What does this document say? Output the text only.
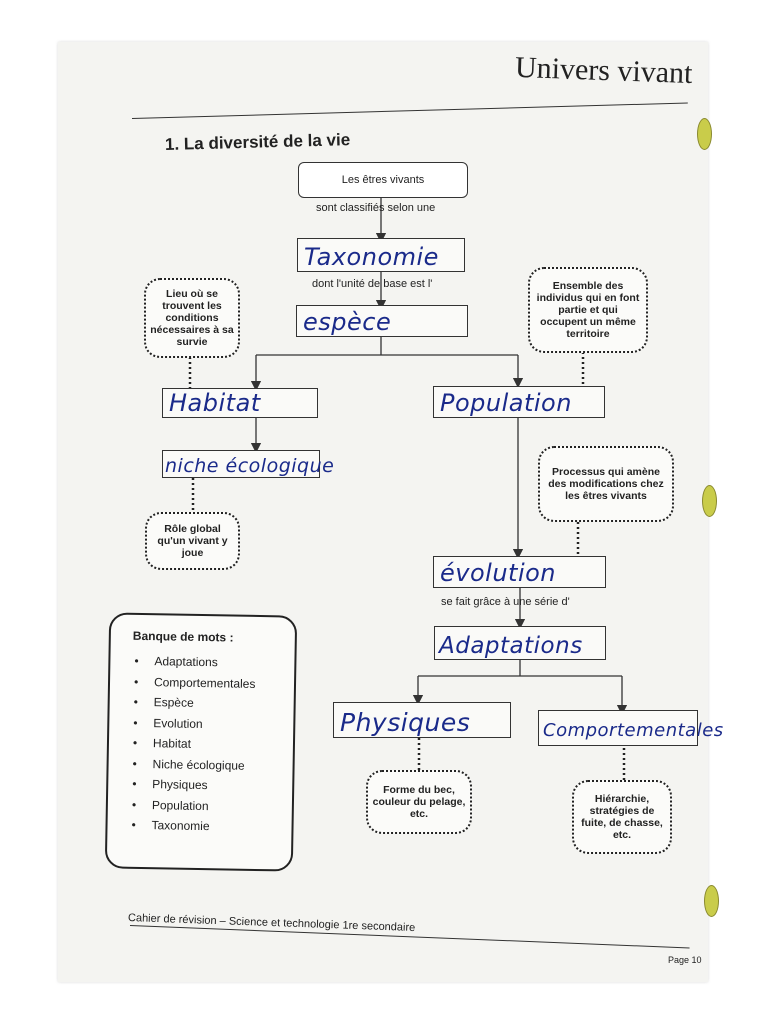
Univers vivant
1. La diversité de la vie
Les êtres vivants
sont classifiés selon une
Taxonomie
dont l'unité de base est l'
espèce
Lieu où se trouvent les conditions nécessaires à sa survie
Ensemble des individus qui en font partie et qui occupent un même territoire
Habitat	Population
niche écologique
Rôle global qu'un vivant y joue
Processus qui amène des modifications chez les êtres vivants
évolution
se fait grâce à une série d'
Adaptations
Physiques	Comportementales
Forme du bec, couleur du pelage, etc.
Hiérarchie, stratégies de fuite, de chasse, etc.
Banque de mots :
• Adaptations
• Comportementales
• Espèce
• Evolution
• Habitat
• Niche écologique
• Physiques
• Population
• Taxonomie
Cahier de révision – Science et technologie 1re secondaire
Page 10
